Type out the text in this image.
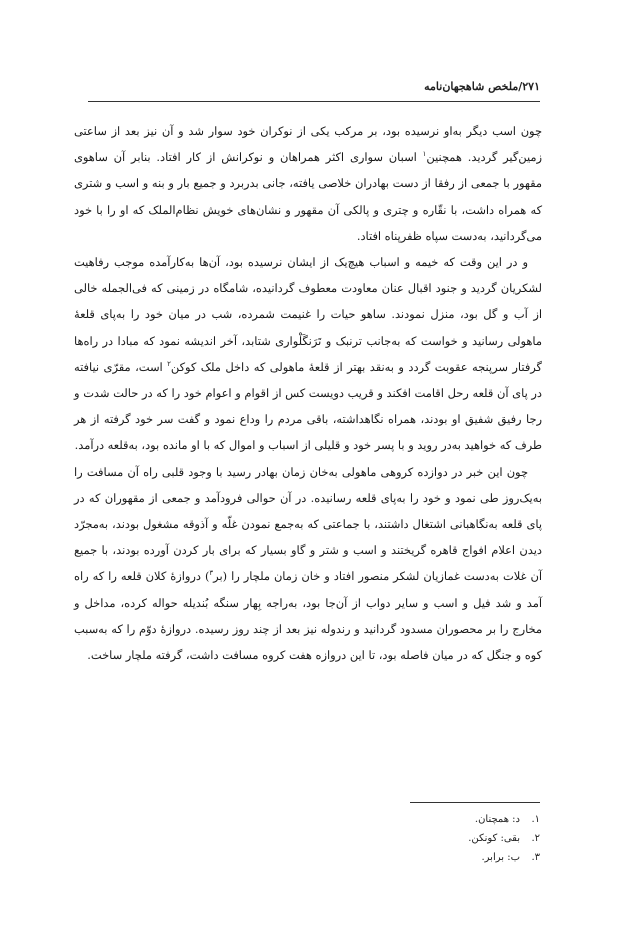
۲۷۱/ملخص شاهجهان‌نامه

چون اسب دیگر به‌او نرسیده بود، بر مرکب یکی از نوکران خود سوار شد و آن نیز بعد از ساعتی زمین‌گیر گردید. همچنین$^۱$ اسبان سواری اکثر همراهان و نوکرانش از کار افتاد. بنابر آن ساهوی مقهور با جمعی از رفقا از دست بهادران خلاصی یافته، جانی بدربرد و جمیع بار و بنه و اسب و شتری که همراه داشت، با نقّاره و چتری و پالکی آن مقهور و نشان‌های خویش نظام‌الملک که او را با خود می‌گردانید، به‌دست سپاه ظفرپناه افتاد.

و در این وقت که خیمه و اسباب هیچ‌یک از ایشان نرسیده بود، آن‌ها به‌کارآمده موجب رفاهیت لشکریان گردید و جنود اقبال عنان معاودت معطوف گردانیده، شامگاه در زمینی که فی‌الجمله خالی از آب و گل بود، منزل نمودند. ساهو حیات را غنیمت شمرده، شب در میان خود را به‌پای قلعهٔ ماهولی رسانید و خواست که به‌جانب ترنبک و تَرَنگَلْواری شتابد، آخر اندیشه نمود که مبادا در راه‌ها گرفتار سرپنجه عقوبت گردد و به‌نقد بهتر از قلعهٔ ماهولی که داخل ملک کوکن$^۲$ است، مقرّی نیافته در پای آن قلعه رحل اقامت افکند و قریب دویست کس از اقوام و اعوام خود را که در حالت شدت و رجا رفیق شفیق او بودند، همراه نگاهداشته، باقی مردم را وداع نمود و گفت سر خود گرفته از هر طرف که خواهید به‌در روید و با پسر خود و قلیلی از اسباب و اموال که با او مانده بود، به‌قلعه درآمد.

چون این خبر در دوازده کروهی ماهولی به‌خان زمان بهادر رسید با وجود قلبی راه آن مسافت را به‌یک‌روز طی نمود و خود را به‌پای قلعه رسانیده. در آن حوالی فرودآمد و جمعی از مقهوران که در پای قلعه به‌نگاهبانی اشتغال داشتند، با جماعتی که به‌جمع نمودن غلّه و آذوقه مشغول بودند، به‌مجرّد دیدن اعلام افواج قاهره گریختند و اسب و شتر و گاو بسیار که برای بار کردن آورده بودند، با جمیع آن غلات به‌دست غمازیان لشکر منصور افتاد و خان زمان ملچار را (بر$^۳$) دروازهٔ کلان قلعه را که راه آمد و شد فیل و اسب و سایر دواب از آن‌جا بود، به‌راجه بِهار سنگه بُندیله حواله کرده، مداخل و مخارج را بر محصوران مسدود گردانید و رندوله نیز بعد از چند روز رسیده. دروازهٔ دوّم را که به‌سبب کوه و جنگل که در میان فاصله بود، تا این دروازه هفت کروه مسافت داشت، گرفته ملچار ساخت.

۱.د: همچنان.
۲.بقی: کونکن.
۳.ب: برابر.
